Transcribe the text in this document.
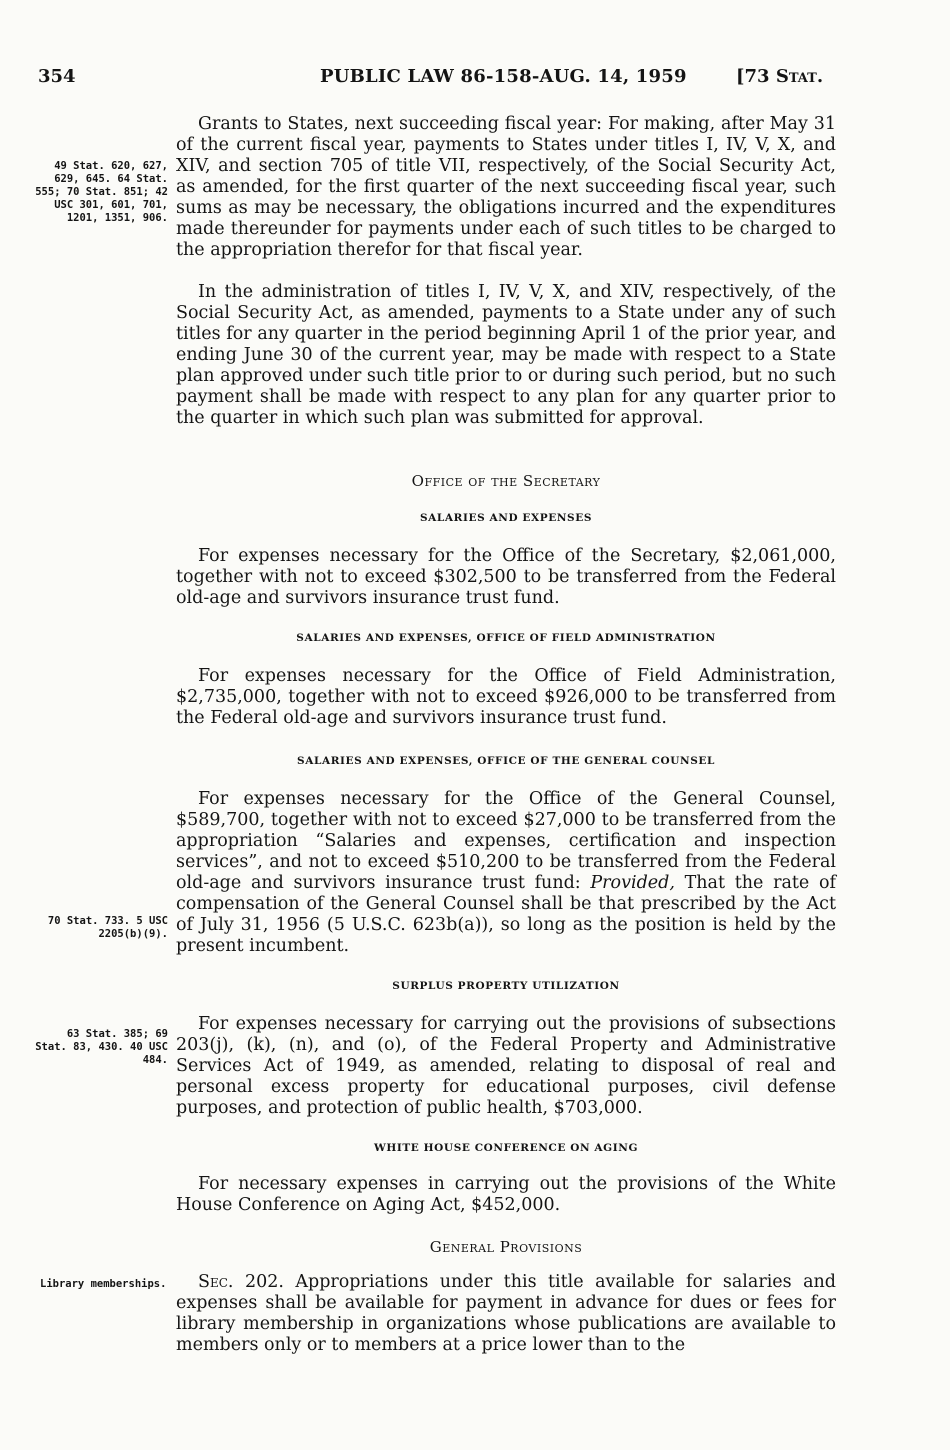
354	PUBLIC LAW 86-158-AUG. 14, 1959	[73 Stat.
49 Stat. 620, 627, 629, 645. 64 Stat. 555; 70 Stat. 851; 42 USC 301, 601, 701, 1201, 1351, 906.
70 Stat. 733. 5 USC 2205(b)(9).
63 Stat. 385; 69 Stat. 83, 430. 40 USC 484.
Library memberships.

Grants to States, next succeeding fiscal year: For making, after May 31 of the current fiscal year, payments to States under titles I, IV, V, X, and XIV, and section 705 of title VII, respectively, of the Social Security Act, as amended, for the first quarter of the next succeeding fiscal year, such sums as may be necessary, the obligations incurred and the expenditures made thereunder for payments under each of such titles to be charged to the appropriation therefor for that fiscal year.

In the administration of titles I, IV, V, X, and XIV, respectively, of the Social Security Act, as amended, payments to a State under any of such titles for any quarter in the period beginning April 1 of the prior year, and ending June 30 of the current year, may be made with respect to a State plan approved under such title prior to or during such period, but no such payment shall be made with respect to any plan for any quarter prior to the quarter in which such plan was submitted for approval.

Office of the Secretary
SALARIES AND EXPENSES

For expenses necessary for the Office of the Secretary, $2,061,000, together with not to exceed $302,500 to be transferred from the Federal old-age and survivors insurance trust fund.

SALARIES AND EXPENSES, OFFICE OF FIELD ADMINISTRATION

For expenses necessary for the Office of Field Administration, $2,735,000, together with not to exceed $926,000 to be transferred from the Federal old-age and survivors insurance trust fund.

SALARIES AND EXPENSES, OFFICE OF THE GENERAL COUNSEL

For expenses necessary for the Office of the General Counsel, $589,700, together with not to exceed $27,000 to be transferred from the appropriation “Salaries and expenses, certification and inspection services”, and not to exceed $510,200 to be transferred from the Federal old-age and survivors insurance trust fund: Provided, That the rate of compensation of the General Counsel shall be that prescribed by the Act of July 31, 1956 (5 U.S.C. 623b(a)), so long as the position is held by the present incumbent.

SURPLUS PROPERTY UTILIZATION

For expenses necessary for carrying out the provisions of subsections 203(j), (k), (n), and (o), of the Federal Property and Administrative Services Act of 1949, as amended, relating to disposal of real and personal excess property for educational purposes, civil defense purposes, and protection of public health, $703,000.

WHITE HOUSE CONFERENCE ON AGING

For necessary expenses in carrying out the provisions of the White House Conference on Aging Act, $452,000.

General Provisions

Sec. 202. Appropriations under this title available for salaries and expenses shall be available for payment in advance for dues or fees for library membership in organizations whose publications are available to members only or to members at a price lower than to the
